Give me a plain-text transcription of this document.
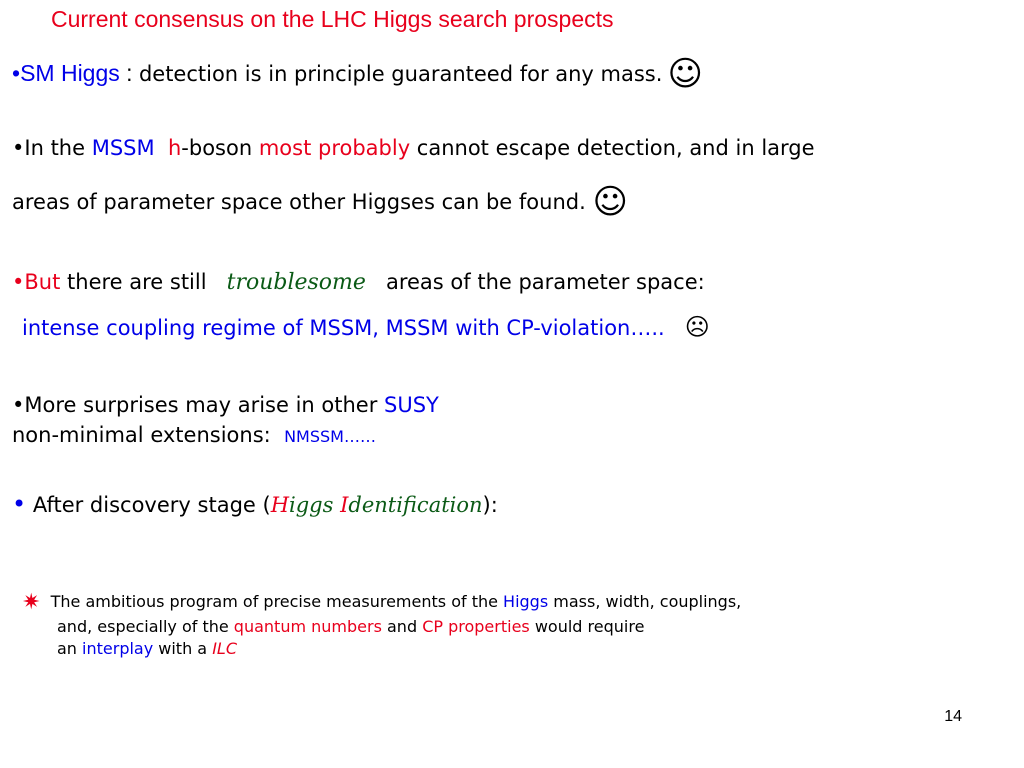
Current consensus on the LHC Higgs search prospects
•SM Higgs : detection is in principle guaranteed for any mass. ☺
•In the MSSM h-boson most probably cannot escape detection, and in large
areas of parameter space other Higgses can be found. ☺
•But there are still   troublesome   areas of the parameter space:
intense coupling regime of MSSM, MSSM with CP-violation….. ☹
•More surprises may arise in other SUSY
non-minimal extensions: NMSSM……
• After discovery stage (Higgs Identification):
✷ The ambitious program of precise measurements of the Higgs mass, width, couplings,
and, especially of the quantum numbers and CP properties would require
an interplay with a ILC
14
